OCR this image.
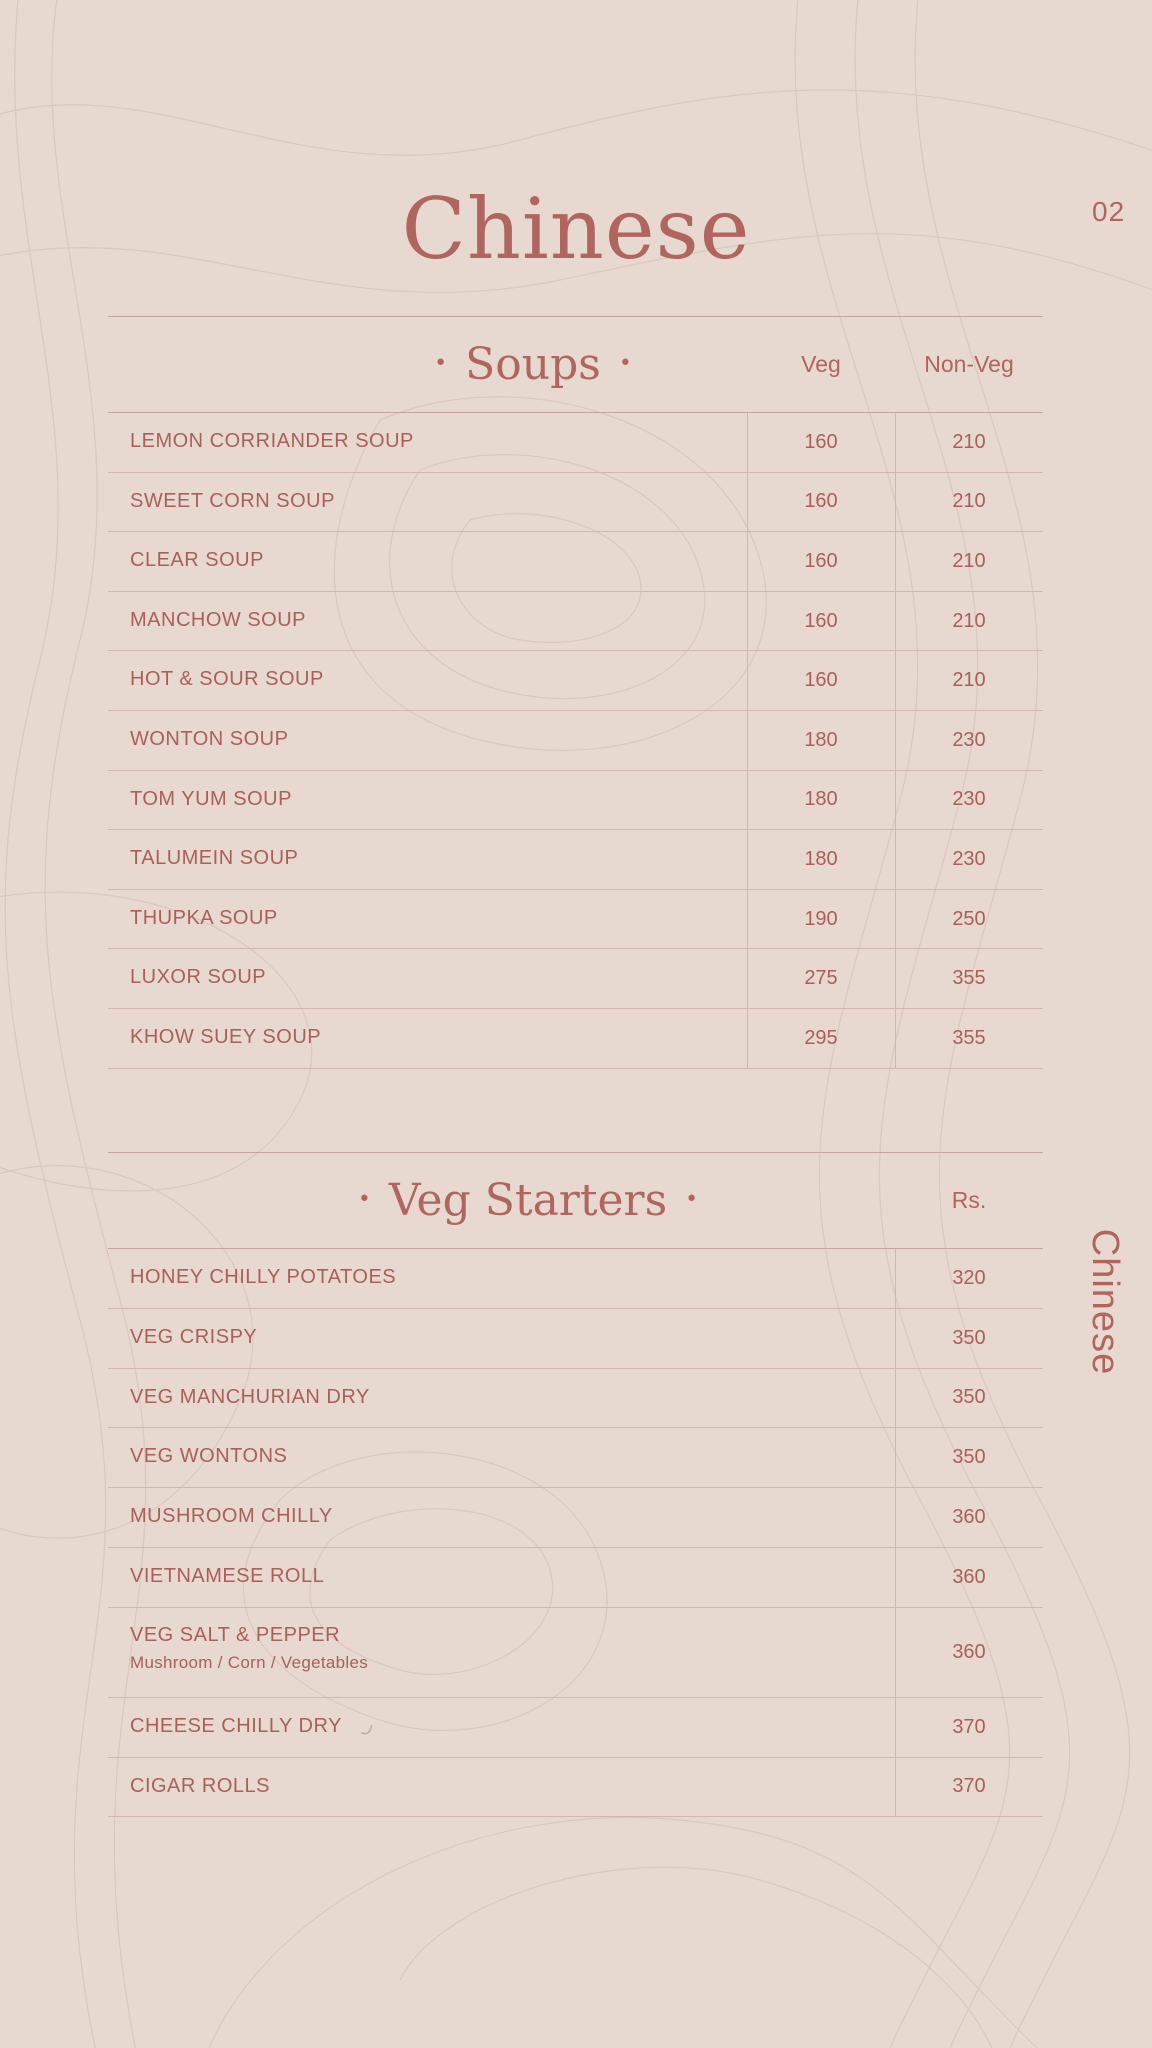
Chinese	02
Chinese
• Soups •	Veg	Non-Veg
LEMON CORRIANDER SOUP	160	210
SWEET CORN SOUP	160	210
CLEAR SOUP	160	210
MANCHOW SOUP	160	210
HOT & SOUR SOUP	160	210
WONTON SOUP	180	230
TOM YUM SOUP	180	230
TALUMEIN SOUP	180	230
THUPKA SOUP	190	250
LUXOR SOUP	275	355
KHOW SUEY SOUP	295	355
• Veg Starters •	Rs.
HONEY CHILLY POTATOES	320
VEG CRISPY	350
VEG MANCHURIAN DRY	350
VEG WONTONS	350
MUSHROOM CHILLY	360
VIETNAMESE ROLL	360
VEG SALT & PEPPER
Mushroom / Corn / Vegetables	360
CHEESE CHILLY DRY	370
CIGAR ROLLS	370
